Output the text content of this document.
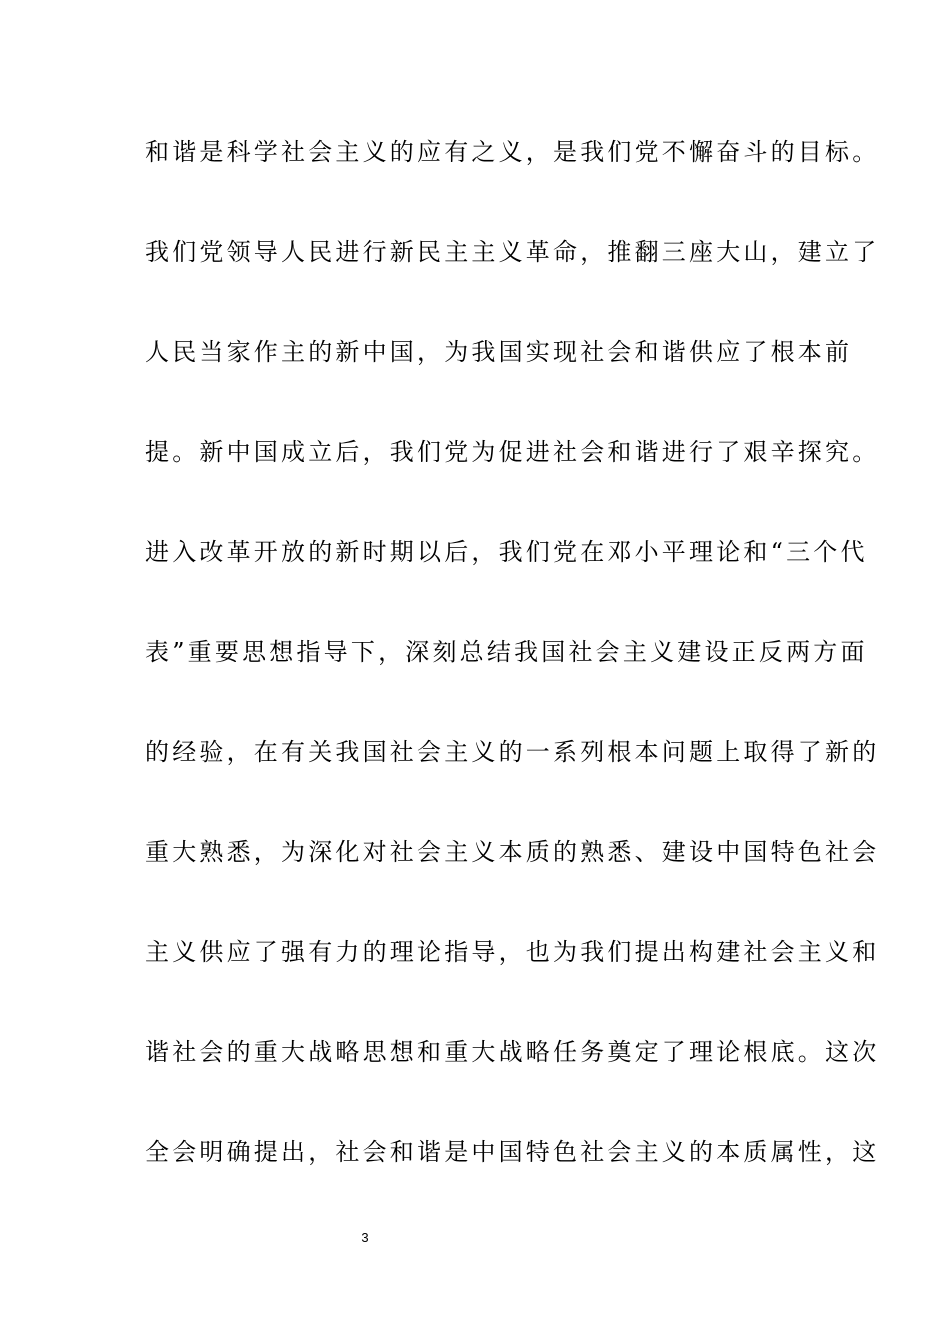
和谐是科学社会主义的应有之义，是我们党不懈奋斗的目标。
我们党领导人民进行新民主主义革命，推翻三座大山，建立了
人民当家作主的新中国，为我国实现社会和谐供应了根本前
提。新中国成立后，我们党为促进社会和谐进行了艰辛探究。
进入改革开放的新时期以后，我们党在邓小平理论和“三个代
表”重要思想指导下，深刻总结我国社会主义建设正反两方面
的经验，在有关我国社会主义的一系列根本问题上取得了新的
重大熟悉，为深化对社会主义本质的熟悉、建设中国特色社会
主义供应了强有力的理论指导，也为我们提出构建社会主义和
谐社会的重大战略思想和重大战略任务奠定了理论根底。这次
全会明确提出，社会和谐是中国特色社会主义的本质属性，这
3
